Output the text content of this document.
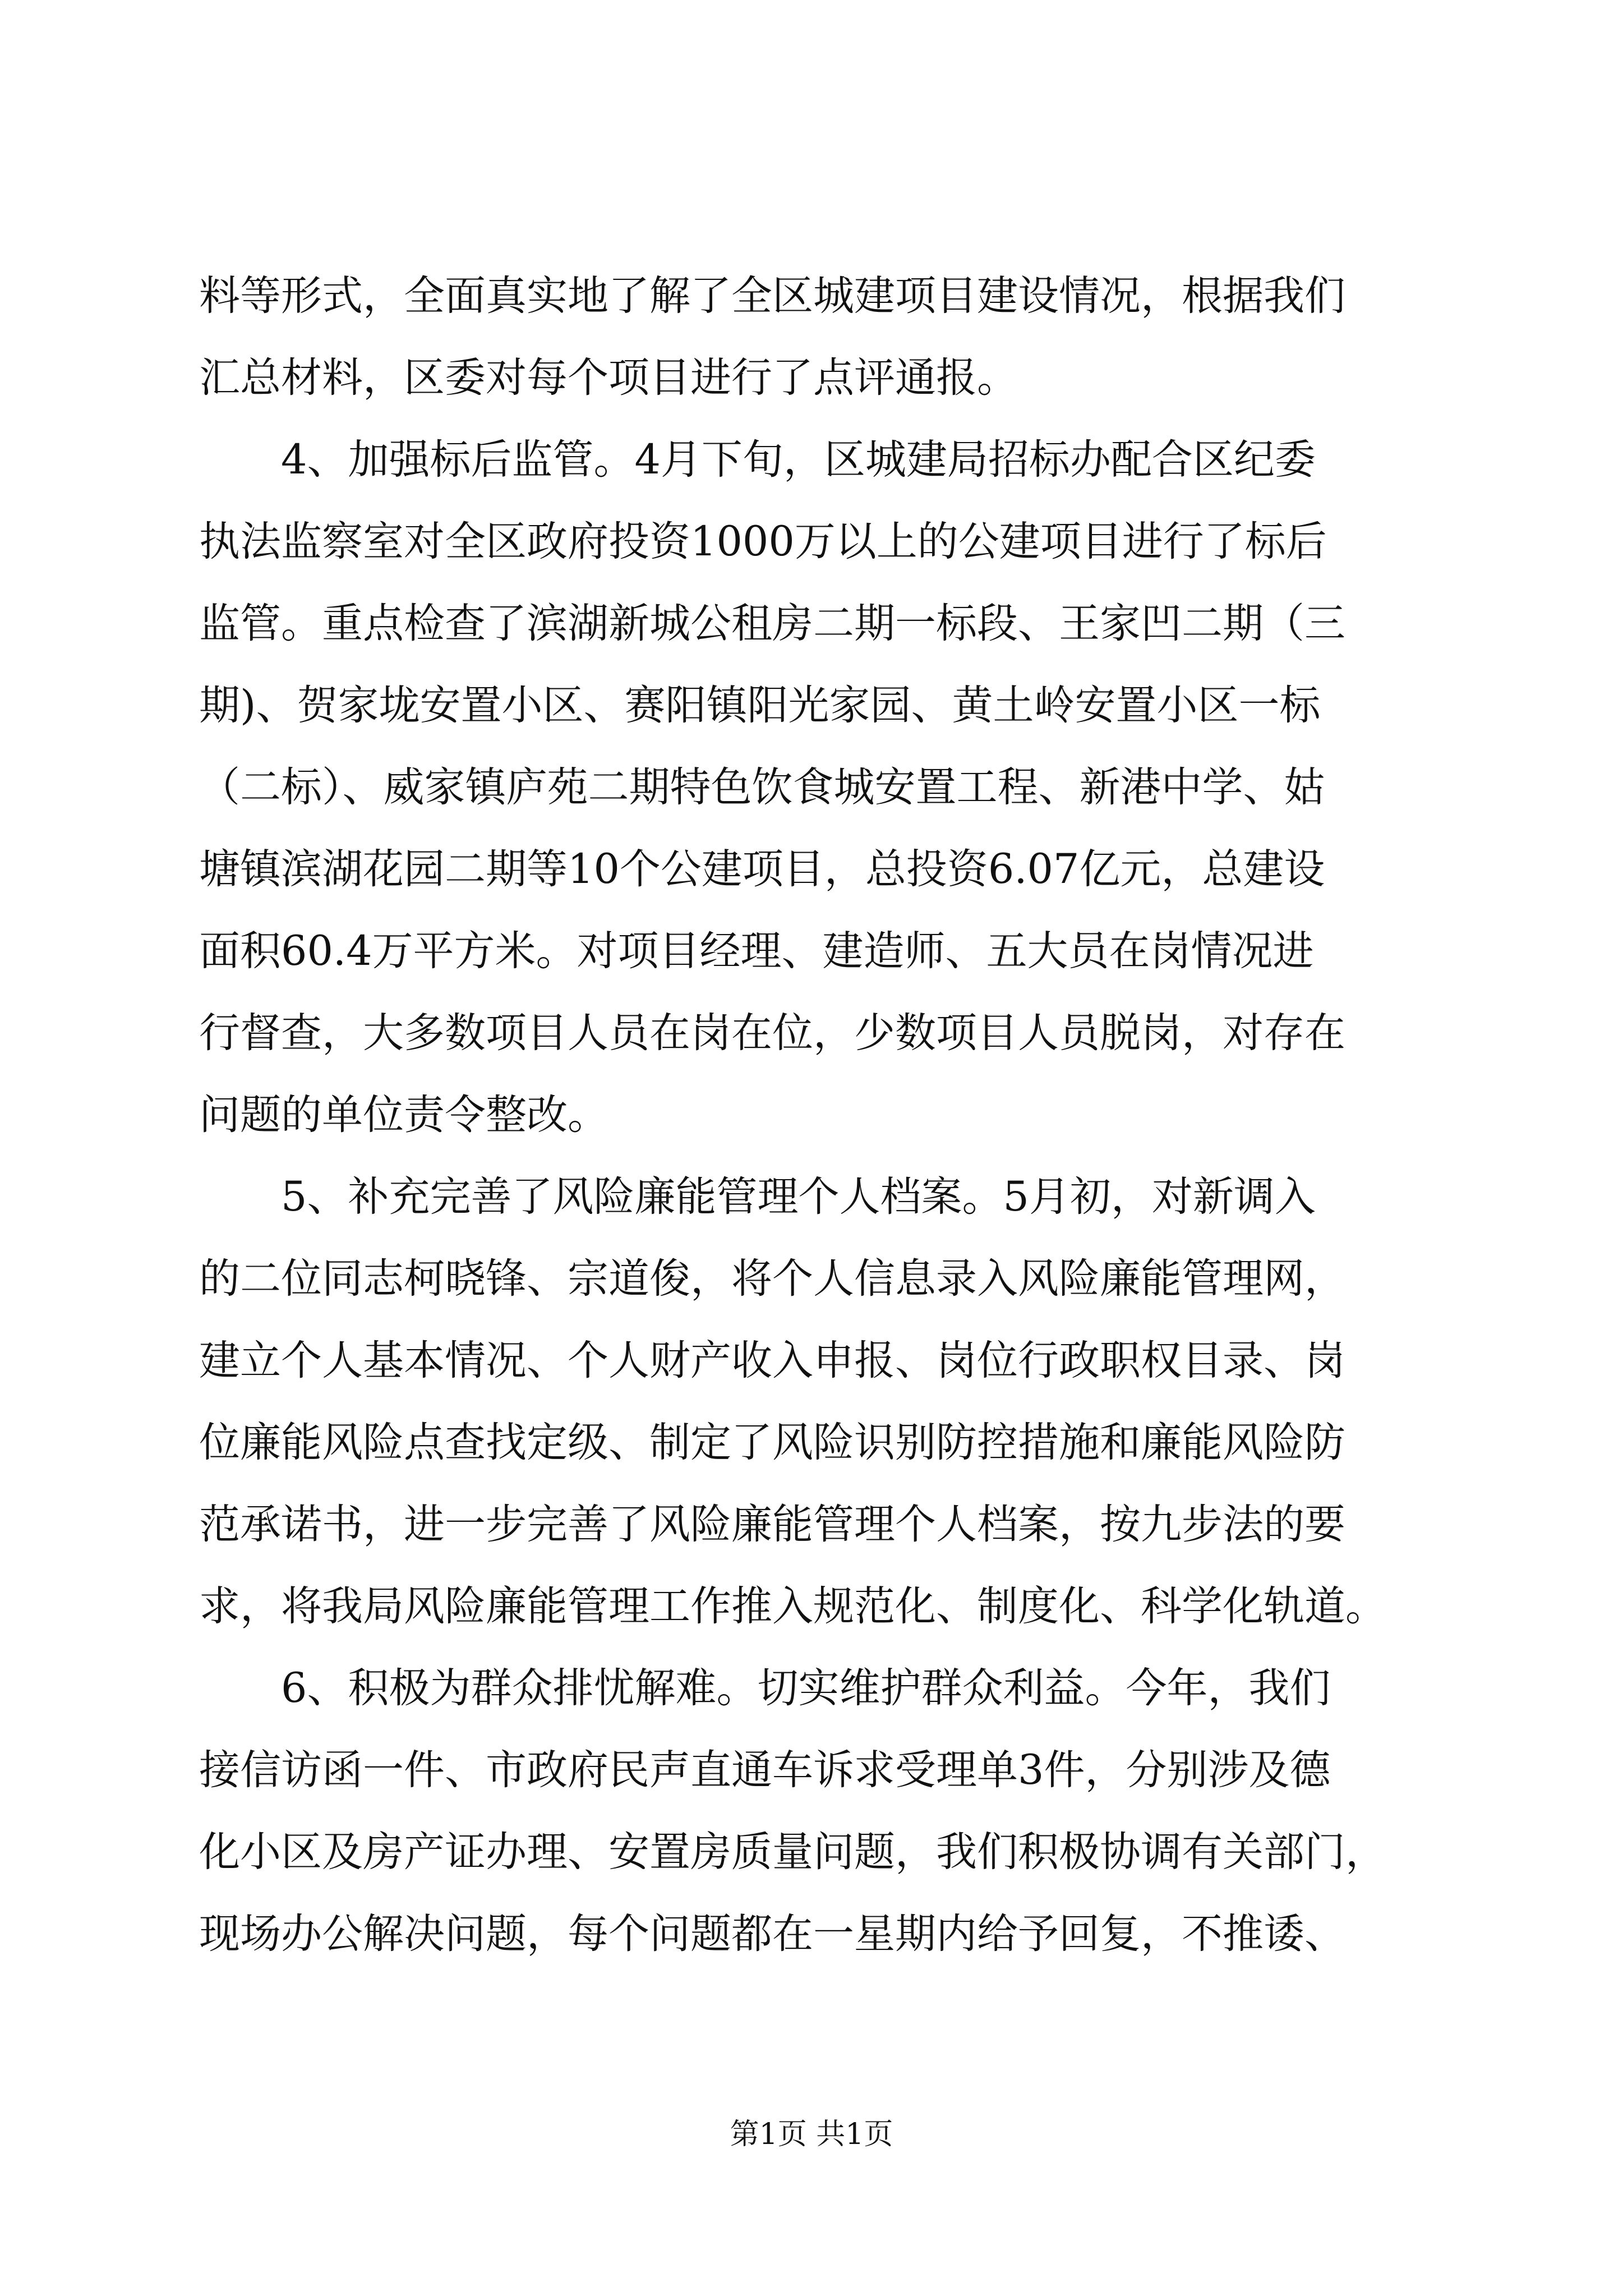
料等形式，全面真实地了解了全区城建项目建设情况，根据我们
汇总材料，区委对每个项目进行了点评通报。
4、加强标后监管。4月下旬，区城建局招标办配合区纪委
执法监察室对全区政府投资1000万以上的公建项目进行了标后
监管。重点检查了滨湖新城公租房二期一标段、王家凹二期（三
期)、贺家垅安置小区、赛阳镇阳光家园、黄土岭安置小区一标
（二标）、威家镇庐苑二期特色饮食城安置工程、新港中学、姑
塘镇滨湖花园二期等10个公建项目，总投资6.07亿元，总建设
面积60.4万平方米。对项目经理、建造师、五大员在岗情况进
行督查，大多数项目人员在岗在位，少数项目人员脱岗，对存在
问题的单位责令整改。
5、补充完善了风险廉能管理个人档案。5月初，对新调入
的二位同志柯晓锋、宗道俊，将个人信息录入风险廉能管理网，
建立个人基本情况、个人财产收入申报、岗位行政职权目录、岗
位廉能风险点查找定级、制定了风险识别防控措施和廉能风险防
范承诺书，进一步完善了风险廉能管理个人档案，按九步法的要
求，将我局风险廉能管理工作推入规范化、制度化、科学化轨道。
6、积极为群众排忧解难。切实维护群众利益。今年，我们
接信访函一件、市政府民声直通车诉求受理单3件，分别涉及德
化小区及房产证办理、安置房质量问题，我们积极协调有关部门，
现场办公解决问题，每个问题都在一星期内给予回复，不推诿、
第1页 共1页
